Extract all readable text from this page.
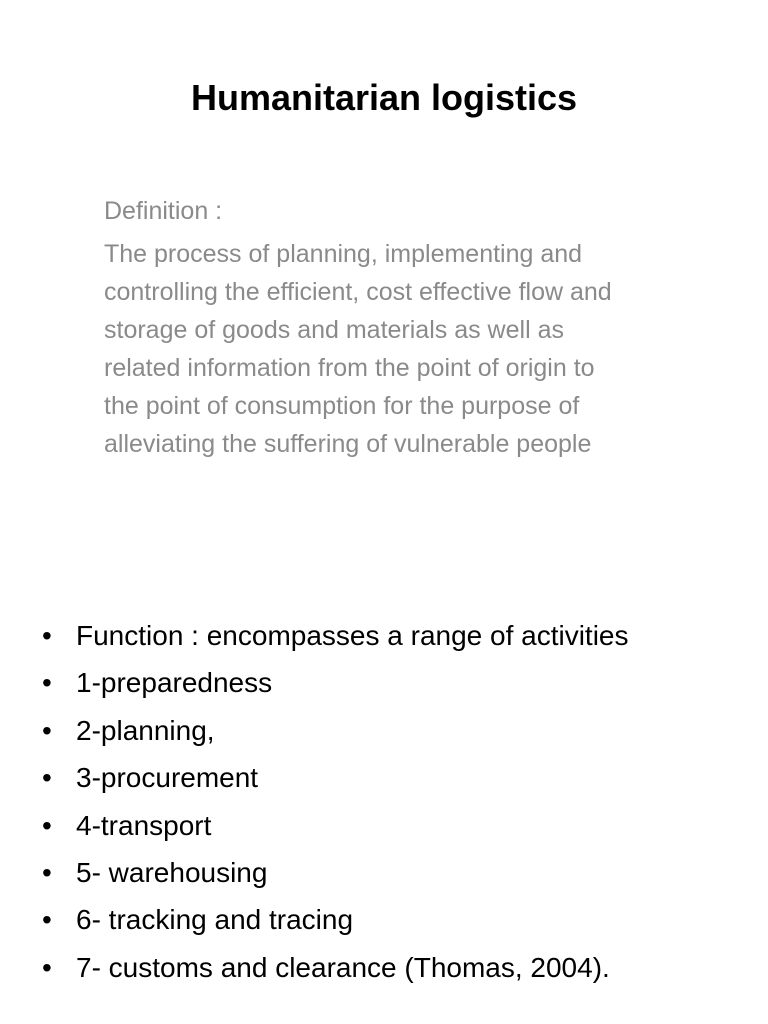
Humanitarian logistics
Definition :
The process of planning, implementing and controlling the efficient, cost effective flow and storage of goods and materials as well as related information from the point of origin to the point of consumption for the purpose of alleviating the suffering of vulnerable people
• Function : encompasses a range of activities
• 1-preparedness
• 2-planning,
• 3-procurement
• 4-transport
• 5- warehousing
• 6- tracking and tracing
• 7- customs and clearance (Thomas, 2004).
